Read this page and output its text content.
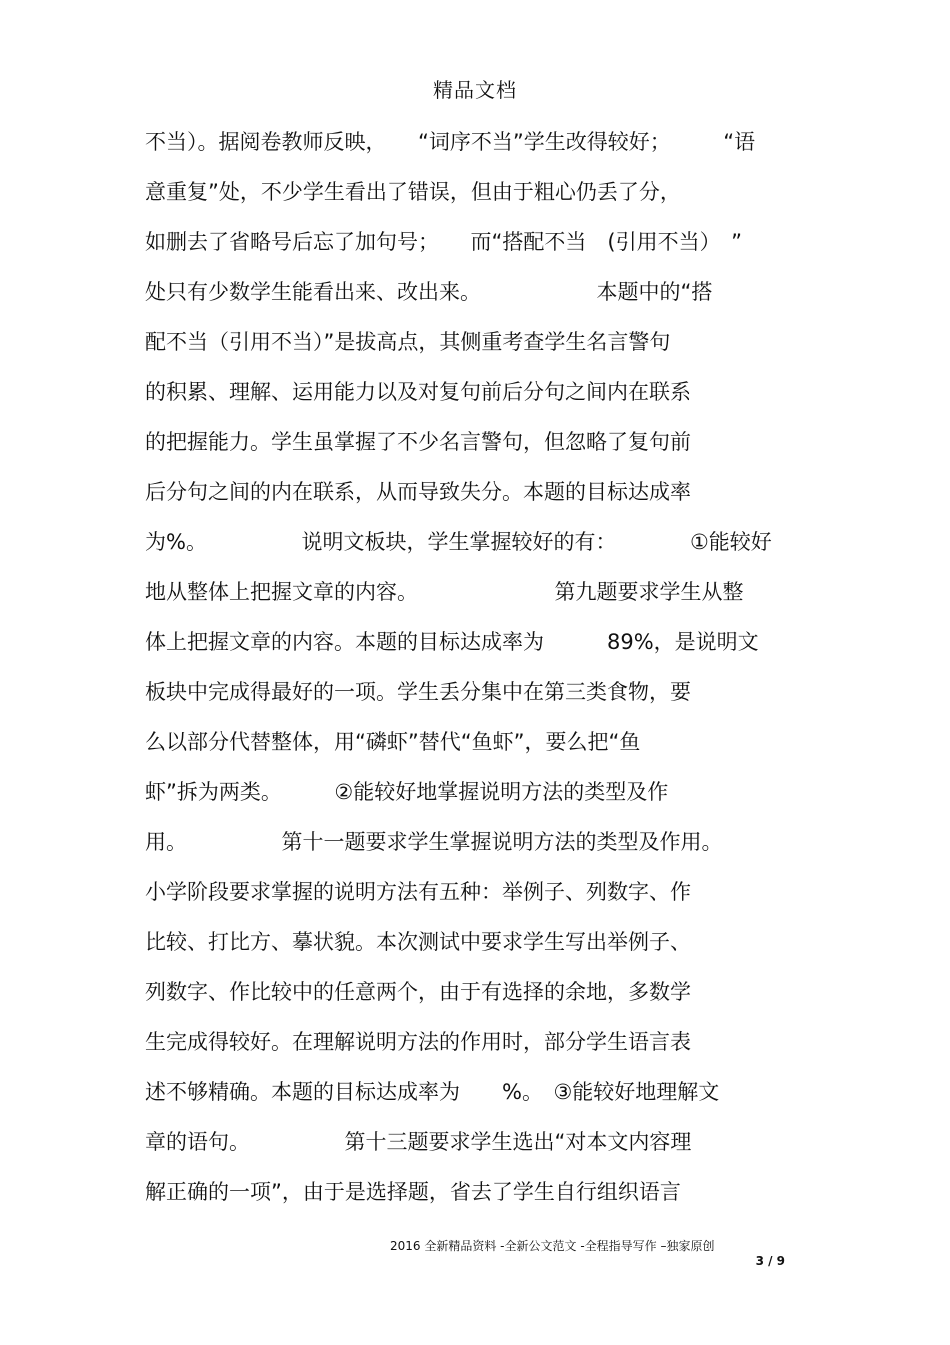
精品文档
不当）。据阅卷教师反映，　　“词序不当”学生改得较好；　　　“语
意重复”处，不少学生看出了错误，但由于粗心仍丢了分，
如删去了省略号后忘了加句号；　　而“搭配不当　(引用不当）　”
处只有少数学生能看出来、改出来。　　　　　　本题中的“搭
配不当（引用不当）”是拔高点，其侧重考查学生名言警句
的积累、理解、运用能力以及对复句前后分句之间内在联系
的把握能力。学生虽掌握了不少名言警句，但忽略了复句前
后分句之间的内在联系，从而导致失分。本题的目标达成率
为%。　　　　　说明文板块，学生掌握较好的有：　　　　①能较好
地从整体上把握文章的内容。　　　　　　　第九题要求学生从整
体上把握文章的内容。本题的目标达成率为　　　89%，是说明文
板块中完成得最好的一项。学生丢分集中在第三类食物，要
么以部分代替整体，用“磷虾”替代“鱼虾”，要么把“鱼
虾”拆为两类。　　　②能较好地掌握说明方法的类型及作
用。　　　　　第十一题要求学生掌握说明方法的类型及作用。
小学阶段要求掌握的说明方法有五种：举例子、列数字、作
比较、打比方、摹状貌。本次测试中要求学生写出举例子、
列数字、作比较中的任意两个，由于有选择的余地，多数学
生完成得较好。在理解说明方法的作用时，部分学生语言表
述不够精确。本题的目标达成率为　　%。　③能较好地理解文
章的语句。　　　　　第十三题要求学生选出“对本文内容理
解正确的一项”，由于是选择题，省去了学生自行组织语言
2016 全新精品资料 -全新公文范文 -全程指导写作 –独家原创
3 / 9
